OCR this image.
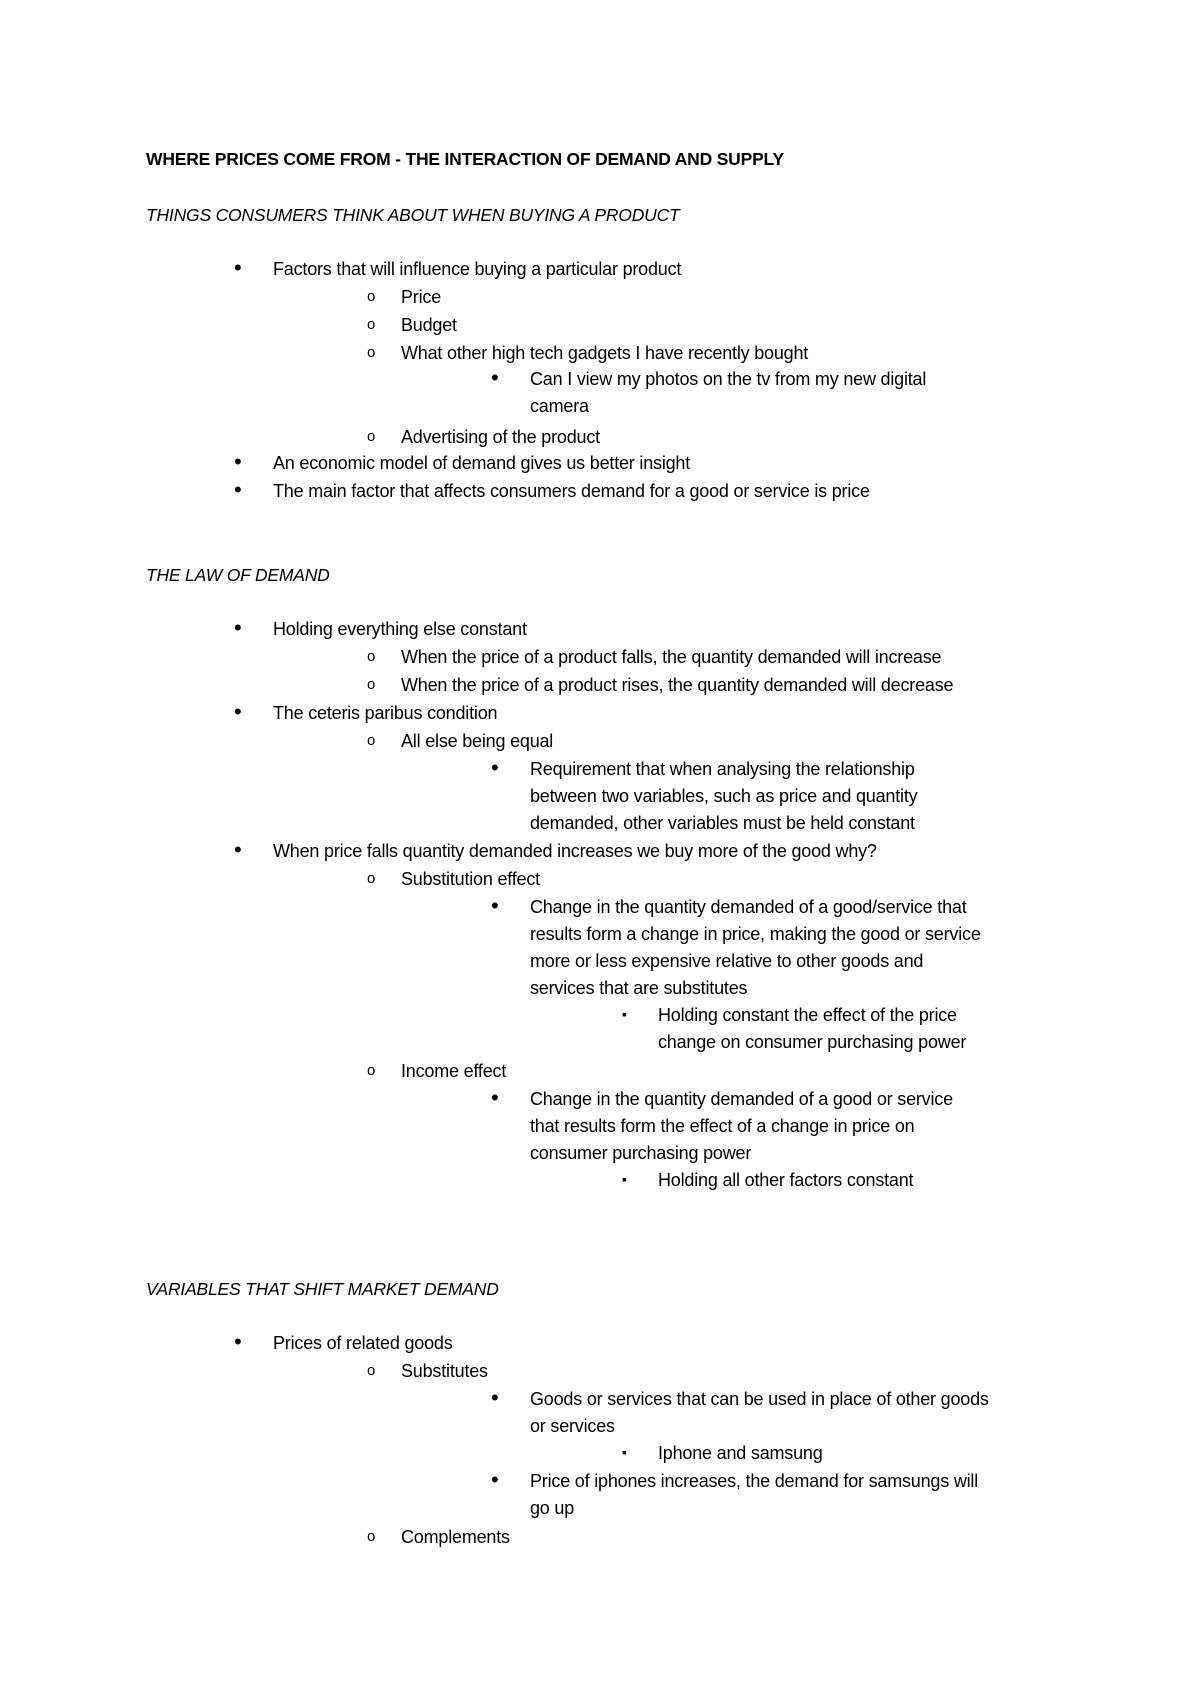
WHERE PRICES COME FROM - THE INTERACTION OF DEMAND AND SUPPLY
THINGS CONSUMERS THINK ABOUT WHEN BUYING A PRODUCT
•
Factors that will influence buying a particular product
o
Price
o
Budget
o
What other high tech gadgets I have recently bought
•
Can I view my photos on the tv from my new digital
camera
o
Advertising of the product
•
An economic model of demand gives us better insight
•
The main factor that affects consumers demand for a good or service is price
THE LAW OF DEMAND
•
Holding everything else constant
o
When the price of a product falls, the quantity demanded will increase
o
When the price of a product rises, the quantity demanded will decrease
•
The ceteris paribus condition
o
All else being equal
•
Requirement that when analysing the relationship
between two variables, such as price and quantity
demanded, other variables must be held constant
•
When price falls quantity demanded increases we buy more of the good why?
o
Substitution effect
•
Change in the quantity demanded of a good/service that
results form a change in price, making the good or service
more or less expensive relative to other goods and
services that are substitutes
▪
Holding constant the effect of the price
change on consumer purchasing power
o
Income effect
•
Change in the quantity demanded of a good or service
that results form the effect of a change in price on
consumer purchasing power
▪
Holding all other factors constant
VARIABLES THAT SHIFT MARKET DEMAND
•
Prices of related goods
o
Substitutes
•
Goods or services that can be used in place of other goods
or services
▪
Iphone and samsung
•
Price of iphones increases, the demand for samsungs will
go up
o
Complements
